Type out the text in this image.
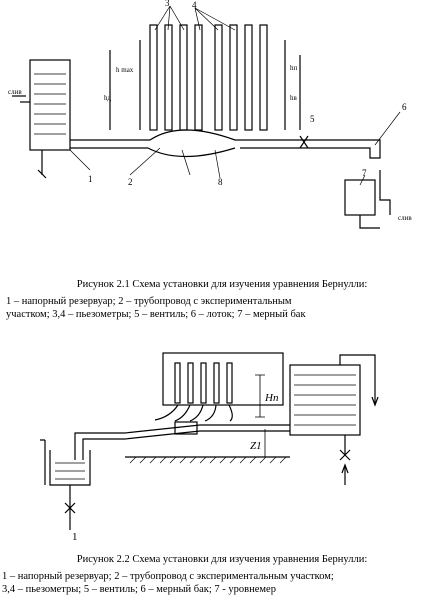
1	2
3	4
5
6
7
8
h max
hд
hп
hв
слив
слив
Рисунок 2.1 Схема установки для изучения уравнения Бернулли:
1 – напорный резервуар; 2 – трубопровод с экспериментальным
участком; 3,4 – пьезометры; 5 – вентиль; 6 – лоток; 7 – мерный бак
Hп
Z1
1
Рисунок 2.2 Схема установки для изучения уравнения Бернулли:
1 – напорный резервуар; 2 – трубопровод с экспериментальным участком;
3,4 – пьезометры; 5 – вентиль; 6 – мерный бак; 7 - уровнемер
